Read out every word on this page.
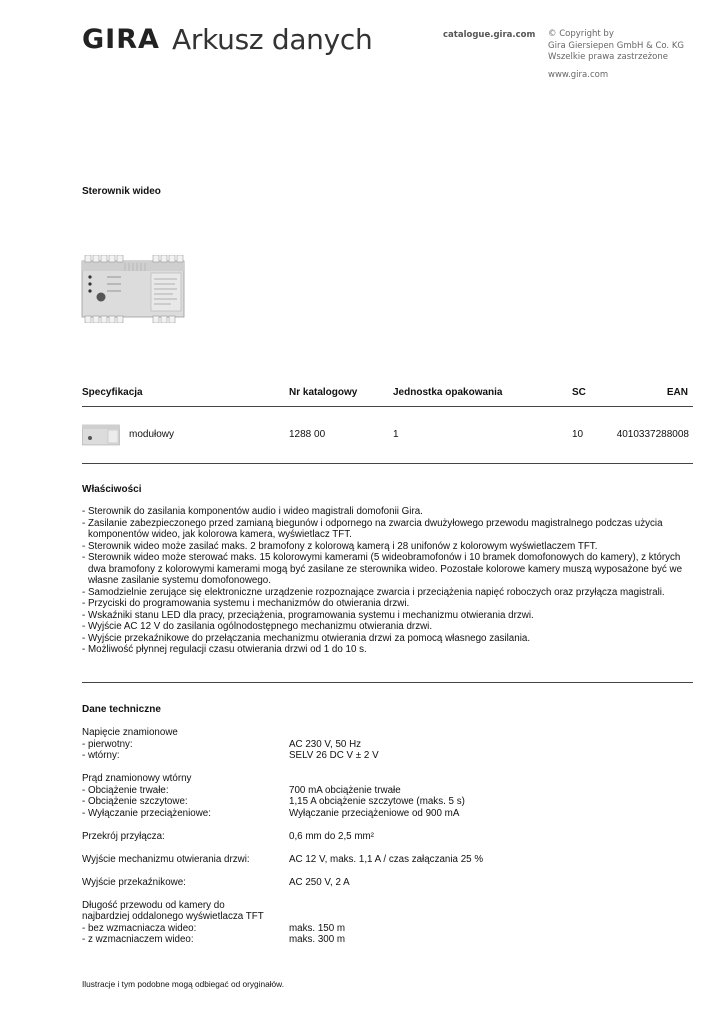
GIRA Arkusz danych	catalogue.gira.com © Copyright by
Gira Giersiepen GmbH & Co. KG
Wszelkie prawa zastrzeżone
www.gira.com
Sterownik wideo
Specyfikacja	Nr katalogowy	Jednostka opakowania	SC	EAN
modułowy	1288 00	1	10	4010337288008
Właściwości
- Sterownik do zasilania komponentów audio i wideo magistrali domofonii Gira.
- Zasilanie zabezpieczonego przed zamianą biegunów i odpornego na zwarcia dwużyłowego przewodu magistralnego podczas użycia
komponentów wideo, jak kolorowa kamera, wyświetlacz TFT.
- Sterownik wideo może zasilać maks. 2 bramofony z kolorową kamerą i 28 unifonów z kolorowym wyświetlaczem TFT.
- Sterownik wideo może sterować maks. 15 kolorowymi kamerami (5 wideobramofonów i 10 bramek domofonowych do kamery), z których
dwa bramofony z kolorowymi kamerami mogą być zasilane ze sterownika wideo. Pozostałe kolorowe kamery muszą wyposażone być we
własne zasilanie systemu domofonowego.
- Samodzielnie zerujące się elektroniczne urządzenie rozpoznające zwarcia i przeciążenia napięć roboczych oraz przyłącza magistrali.
- Przyciski do programowania systemu i mechanizmów do otwierania drzwi.
- Wskaźniki stanu LED dla pracy, przeciążenia, programowania systemu i mechanizmu otwierania drzwi.
- Wyjście AC 12 V do zasilania ogólnodostępnego mechanizmu otwierania drzwi.
- Wyjście przekaźnikowe do przełączania mechanizmu otwierania drzwi za pomocą własnego zasilania.
- Możliwość płynnej regulacji czasu otwierania drzwi od 1 do 10 s.
Dane techniczne
Napięcie znamionowe
- pierwotny:	AC 230 V, 50 Hz
- wtórny:	SELV 26 DC V ± 2 V
Prąd znamionowy wtórny
- Obciążenie trwałe:	700 mA obciążenie trwałe
- Obciążenie szczytowe:	1,15 A obciążenie szczytowe (maks. 5 s)
- Wyłączanie przeciążeniowe:	Wyłączanie przeciążeniowe od 900 mA
Przekrój przyłącza:	0,6 mm do 2,5 mm²
Wyjście mechanizmu otwierania drzwi:	AC 12 V, maks. 1,1 A / czas załączania 25 %
Wyjście przekaźnikowe:	AC 250 V, 2 A
Długość przewodu od kamery do
najbardziej oddalonego wyświetlacza TFT
- bez wzmacniacza wideo:	maks. 150 m
- z wzmacniaczem wideo:	maks. 300 m
Ilustracje i tym podobne mogą odbiegać od oryginałów.
